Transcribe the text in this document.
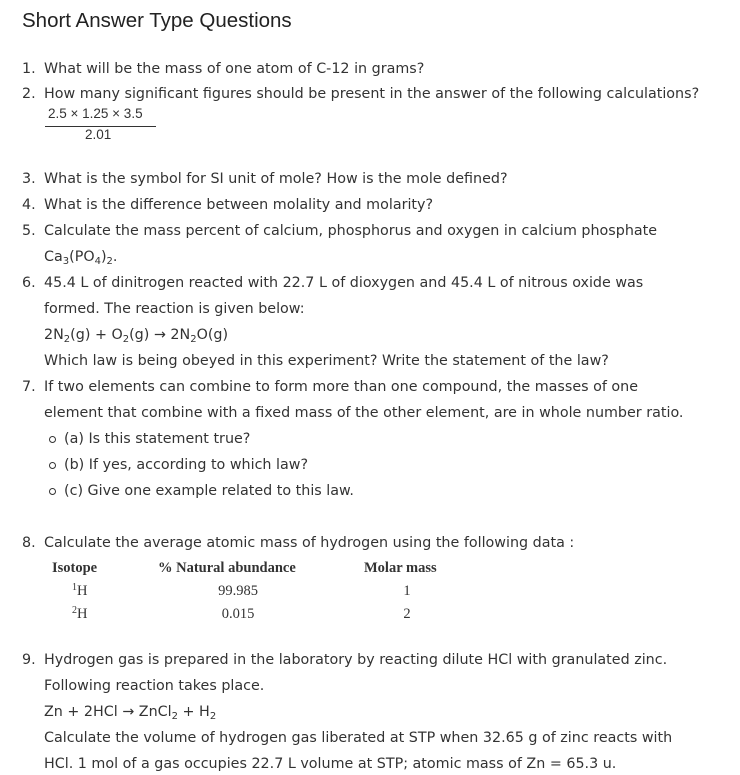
Short Answer Type Questions
1. What will be the mass of one atom of C-12 in grams?
2. How many significant figures should be present in the answer of the following calculations?
2.5 × 1.25 × 3.5
2.01
3. What is the symbol for SI unit of mole? How is the mole defined?
4. What is the difference between molality and molarity?
5. Calculate the mass percent of calcium, phosphorus and oxygen in calcium phosphate
$Ca_3(PO_4)_2$.
6. 45.4 L of dinitrogen reacted with 22.7 L of dioxygen and 45.4 L of nitrous oxide was
formed. The reaction is given below:
$2N_2(g) + O_2(g) \to 2N_2O(g)$
Which law is being obeyed in this experiment? Write the statement of the law?
7. If two elements can combine to form more than one compound, the masses of one
element that combine with a fixed mass of the other element, are in whole number ratio.
(a) Is this statement true?
(b) If yes, according to which law?
(c) Give one example related to this law.
8. Calculate the average atomic mass of hydrogen using the following data :
Isotope	% Natural abundance	Molar mass
$^1$H	99.985	1
$^2$H	0.015	2
9. Hydrogen gas is prepared in the laboratory by reacting dilute HCl with granulated zinc.
Following reaction takes place.
Zn + 2HCl → ZnCl$_2$ + $H_2$
Calculate the volume of hydrogen gas liberated at STP when 32.65 g of zinc reacts with
HCl. 1 mol of a gas occupies 22.7 L volume at STP; atomic mass of Zn = 65.3 u.
